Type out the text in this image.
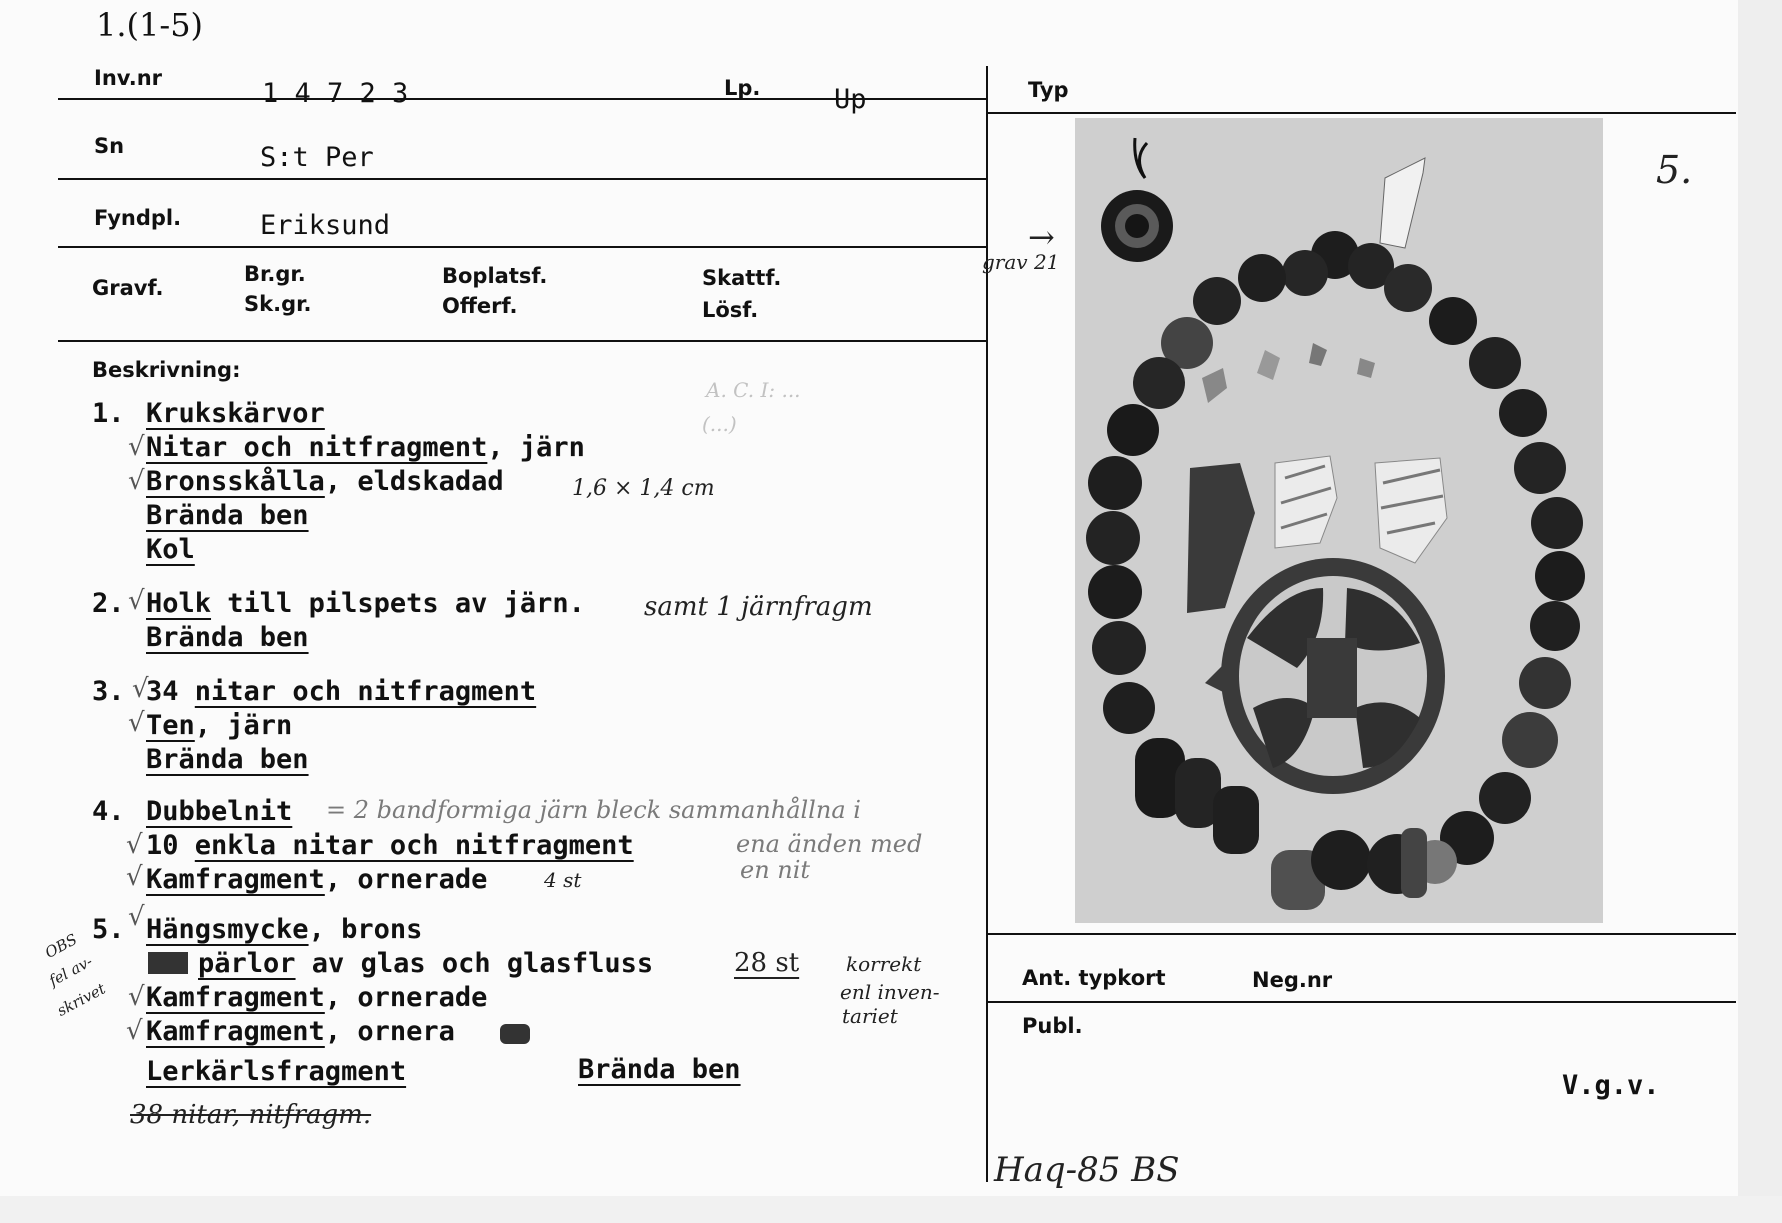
1.(1-5)
Inv.nr	1 4 7 2 3	Lp.	Up	Typ
Sn	S:t Per
Fyndpl.	Eriksund
Gravf.
Br.gr.
Sk.gr.
Boplatsf.
Offerf.
Skattf.
Lösf.
Beskrivning:
1. Krukskärvor
Nitar och nitfragment, järn
Bronsskålla, eldskadad
Brända ben
Kol
2. Holk till pilspets av järn.
Brända ben
3. 34 nitar och nitfragment
Ten, järn
Brända ben
4. Dubbelnit
10 enkla nitar och nitfragment
Kamfragment, ornerade
5. Hängsmycke, brons
pärlor av glas och glasfluss
Kamfragment, ornerade
Kamfragment, ornera
Lerkärlsfragment	Brända ben
√
√
√
√
√
√
√
√
√
√
1,6 × 1,4 cm
samt 1 järnfragm
= 2 bandformiga järn bleck sammanhållna i
ena änden med
en nit
4 st
28 st korrekt
enl inven-
tariet
OBS
fel av-
skrivet
38 nitar, nitfragm.
grav 21
→
5.
Haq-85 BS
A. C. I: ...
(...)
Ant. typkort	Neg.nr
Publ.
V.g.v.
